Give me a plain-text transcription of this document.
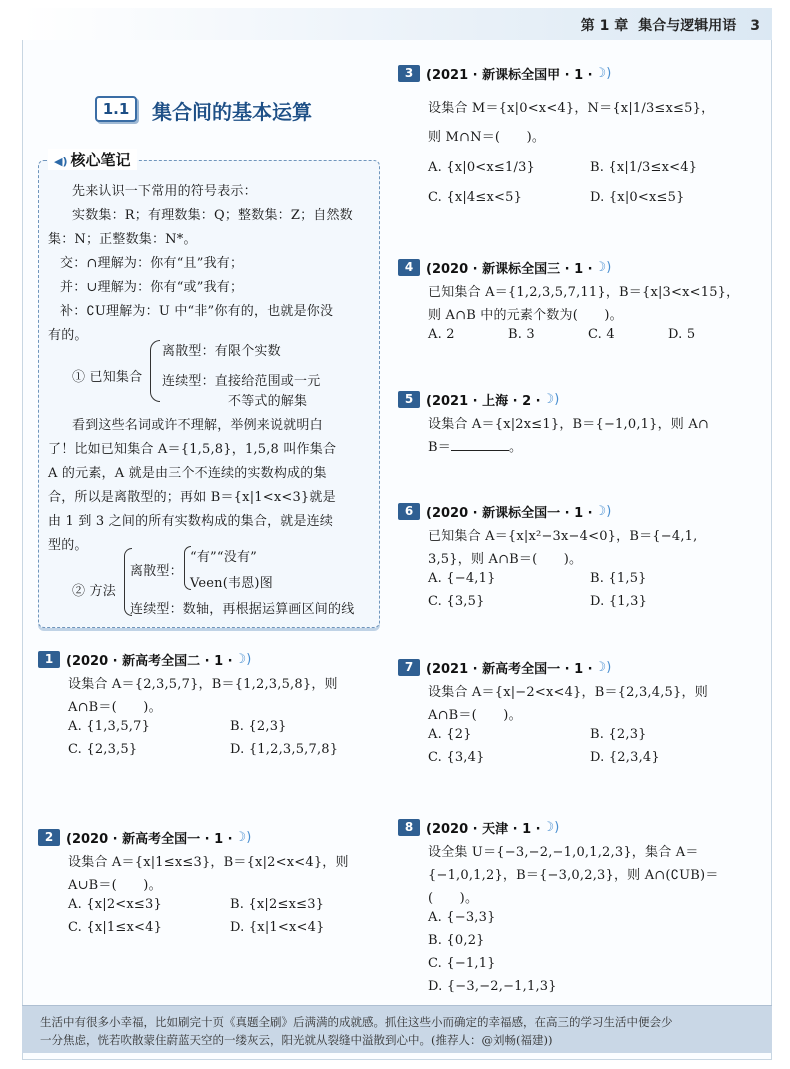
第 1 章 集合与逻辑用语 3
1.1	集合间的基本运算
◀) 核心笔记
先来认识一下常用的符号表示：
实数集：R；有理数集：Q；整数集：Z；自然数
集：N；正整数集：N*。
交：∩理解为：你有“且”我有；
并：∪理解为：你有“或”我有；
补：∁U理解为：U 中“非”你有的，也就是你没
有的。
① 已知集合
离散型：有限个实数
连续型：直接给范围或一元
不等式的解集
看到这些名词或许不理解，举例来说就明白
了！比如已知集合 A＝{1,5,8}，1,5,8 叫作集合
A 的元素，A 就是由三个不连续的实数构成的集
合，所以是离散型的；再如 B＝{x|1<x<3}就是
由 1 到 3 之间的所有实数构成的集合，就是连续
型的。
② 方法
离散型：
“有”“没有”
Veen(韦恩)图
连续型：数轴，再根据运算画区间的线
1 (2020 · 新高考全国二 · 1 · ☽)
设集合 A＝{2,3,5,7}，B＝{1,2,3,5,8}，则
A∩B＝(　　)。
A. {1,3,5,7}	B. {2,3}
C. {2,3,5}	D. {1,2,3,5,7,8}
2 (2020 · 新高考全国一 · 1 · ☽)
设集合 A＝{x|1≤x≤3}，B＝{x|2<x<4}，则
A∪B＝(　　)。
A. {x|2<x≤3}	B. {x|2≤x≤3}
C. {x|1≤x<4}	D. {x|1<x<4}
3 (2021 · 新课标全国甲 · 1 · ☽)
设集合 M＝{x|0<x<4}，N＝{x|1/3≤x≤5}，
则 M∩N＝(　　)。
A. {x|0<x≤1/3}	B. {x|1/3≤x<4}
C. {x|4≤x<5}	D. {x|0<x≤5}
4 (2020 · 新课标全国三 · 1 · ☽)
已知集合 A＝{1,2,3,5,7,11}，B＝{x|3<x<15}，
则 A∩B 中的元素个数为(　　)。
A. 2	B. 3	C. 4	D. 5
5 (2021 · 上海 · 2 · ☽)
设集合 A＝{x|2x≤1}，B＝{−1,0,1}，则 A∩
B＝	。
6 (2020 · 新课标全国一 · 1 · ☽)
已知集合 A＝{x|x²−3x−4<0}，B＝{−4,1,
3,5}，则 A∩B＝(　　)。
A. {−4,1}	B. {1,5}
C. {3,5}	D. {1,3}
7 (2021 · 新高考全国一 · 1 · ☽)
设集合 A＝{x|−2<x<4}，B＝{2,3,4,5}，则
A∩B＝(　　)。
A. {2}	B. {2,3}
C. {3,4}	D. {2,3,4}
8 (2020 · 天津 · 1 · ☽)
设全集 U＝{−3,−2,−1,0,1,2,3}，集合 A＝
{−1,0,1,2}，B＝{−3,0,2,3}，则 A∩(∁UB)＝
(　　)。
A. {−3,3}
B. {0,2}
C. {−1,1}
D. {−3,−2,−1,1,3}
生活中有很多小幸福，比如刷完十页《真题全刷》后满满的成就感。抓住这些小而确定的幸福感，在高三的学习生活中便会少
一分焦虑，恍若吹散蒙住蔚蓝天空的一缕灰云，阳光就从裂缝中溢散到心中。(推荐人：@刘畅(福建))
